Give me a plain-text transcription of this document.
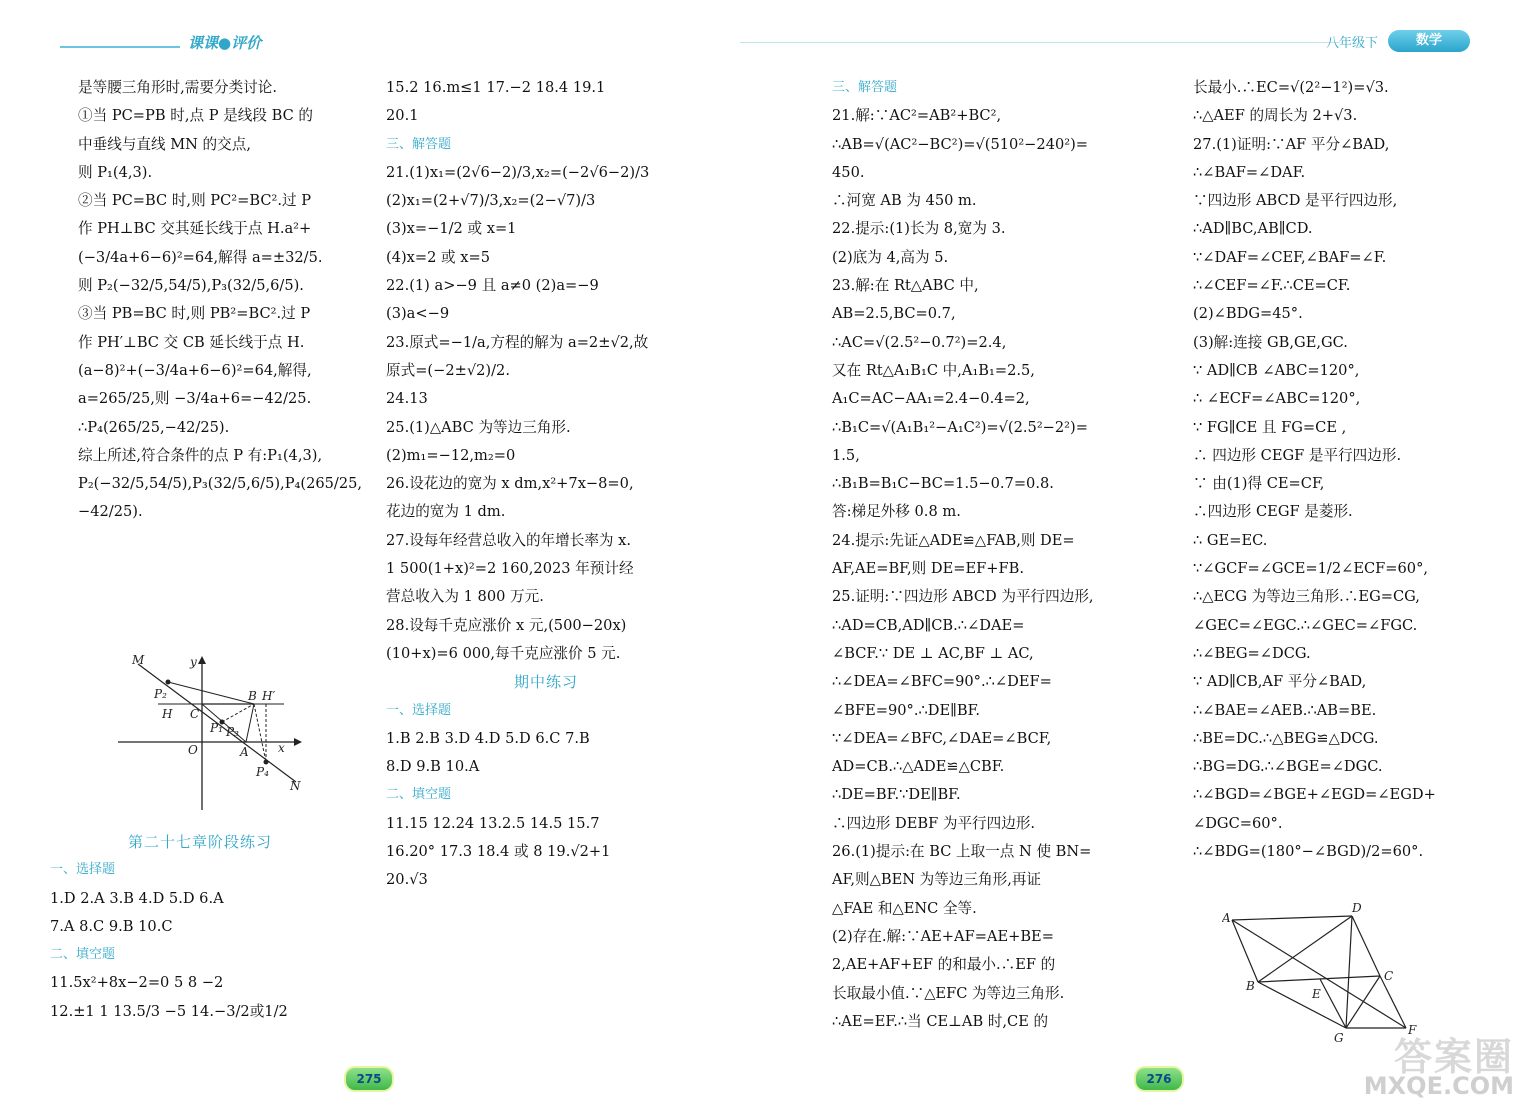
课课●评价
是等腰三角形时,需要分类讨论.
①当 PC=PB 时,点 P 是线段 BC 的
中垂线与直线 MN 的交点,
则 P₁(4,3).
②当 PC=BC 时,则 PC²=BC².过 P
作 PH⊥BC 交其延长线于点 H.a²+
(−3/4a+6−6)²=64,解得 a=±32/5.
则 P₂(−32/5,54/5),P₃(32/5,6/5).
③当 PB=BC 时,则 PB²=BC².过 P
作 PH′⊥BC 交 CB 延长线于点 H.
(a−8)²+(−3/4a+6−6)²=64,解得,
a=265/25,则 −3/4a+6=−42/25.
∴P₄(265/25,−42/25).
综上所述,符合条件的点 P 有:P₁(4,3),
P₂(−32/5,54/5),P₃(32/5,6/5),P₄(265/25,
−42/25).
M	y
B H′
P₂
H C
P₁ P₃
O	A x
P₄
N
第二十七章阶段练习
一、选择题
1.D 2.A 3.B 4.D 5.D 6.A
7.A 8.C 9.B 10.C
二、填空题
11.5x²+8x−2=0 5 8 −2
12.±1 1 13.5/3 −5 14.−3/2或1/2
15.2 16.m≤1 17.−2 18.4 19.1
20.1
三、解答题
21.(1)x₁=(2√6−2)/3,x₂=(−2√6−2)/3
(2)x₁=(2+√7)/3,x₂=(2−√7)/3
(3)x=−1/2 或 x=1
(4)x=2 或 x=5
22.(1) a>−9 且 a≠0 (2)a=−9
(3)a<−9
23.原式=−1/a,方程的解为 a=2±√2,故
原式=(−2±√2)/2.
24.13
25.(1)△ABC 为等边三角形.
(2)m₁=−12,m₂=0
26.设花边的宽为 x dm,x²+7x−8=0,
花边的宽为 1 dm.
27.设每年经营总收入的年增长率为 x.
1 500(1+x)²=2 160,2023 年预计经
营总收入为 1 800 万元.
28.设每千克应涨价 x 元,(500−20x)
(10+x)=6 000,每千克应涨价 5 元.
期中练习
一、选择题
1.B 2.B 3.D 4.D 5.D 6.C 7.B
8.D 9.B 10.A
二、填空题
11.15 12.24 13.2.5 14.5 15.7
16.20° 17.3 18.4 或 8 19.√2+1
20.√3
275
八年级下	数学
三、解答题
21.解:∵AC²=AB²+BC²,
∴AB=√(AC²−BC²)=√(510²−240²)=
450.
∴河宽 AB 为 450 m.
22.提示:(1)长为 8,宽为 3.
(2)底为 4,高为 5.
23.解:在 Rt△ABC 中,
AB=2.5,BC=0.7,
∴AC=√(2.5²−0.7²)=2.4,
又在 Rt△A₁B₁C 中,A₁B₁=2.5,
A₁C=AC−AA₁=2.4−0.4=2,
∴B₁C=√(A₁B₁²−A₁C²)=√(2.5²−2²)=
1.5,
∴B₁B=B₁C−BC=1.5−0.7=0.8.
答:梯足外移 0.8 m.
24.提示:先证△ADE≌△FAB,则 DE=
AF,AE=BF,则 DE=EF+FB.
25.证明:∵四边形 ABCD 为平行四边形,
∴AD=CB,AD∥CB.∴∠DAE=
∠BCF.∵ DE ⊥ AC,BF ⊥ AC,
∴∠DEA=∠BFC=90°.∴∠DEF=
∠BFE=90°.∴DE∥BF.
∵∠DEA=∠BFC,∠DAE=∠BCF,
AD=CB.∴△ADE≌△CBF.
∴DE=BF.∵DE∥BF.
∴四边形 DEBF 为平行四边形.
26.(1)提示:在 BC 上取一点 N 使 BN=
AF,则△BEN 为等边三角形,再证
△FAE 和△ENC 全等.
(2)存在.解:∵AE+AF=AE+BE=
2,AE+AF+EF 的和最小.∴EF 的
长取最小值.∵△EFC 为等边三角形.
∴AE=EF.∴当 CE⊥AB 时,CE 的
长最小.∴EC=√(2²−1²)=√3.
∴△AEF 的周长为 2+√3.
27.(1)证明:∵AF 平分∠BAD,
∴∠BAF=∠DAF.
∵四边形 ABCD 是平行四边形,
∴AD∥BC,AB∥CD.
∵∠DAF=∠CEF,∠BAF=∠F.
∴∠CEF=∠F.∴CE=CF.
(2)∠BDG=45°.
(3)解:连接 GB,GE,GC.
∵ AD∥CB ∠ABC=120°,
∴ ∠ECF=∠ABC=120°,
∵ FG∥CE 且 FG=CE ,
∴ 四边形 CEGF 是平行四边形.
∵ 由(1)得 CE=CF,
∴四边形 CEGF 是菱形.
∴ GE=EC.
∵∠GCF=∠GCE=1/2∠ECF=60°,
∴△ECG 为等边三角形.∴EG=CG,
∠GEC=∠EGC.∴∠GEC=∠FGC.
∴∠BEG=∠DCG.
∵ AD∥CB,AF 平分∠BAD,
∴∠BAE=∠AEB.∴AB=BE.
∴BE=DC.∴△BEG≌△DCG.
∴BG=DG.∴∠BGE=∠DGC.
∴∠BGD=∠BGE+∠EGD=∠EGD+
∠DGC=60°.
∴∠BDG=(180°−∠BGD)/2=60°.
A
D
B
C
E
G
F
276	答案圈
MXQE.COM
